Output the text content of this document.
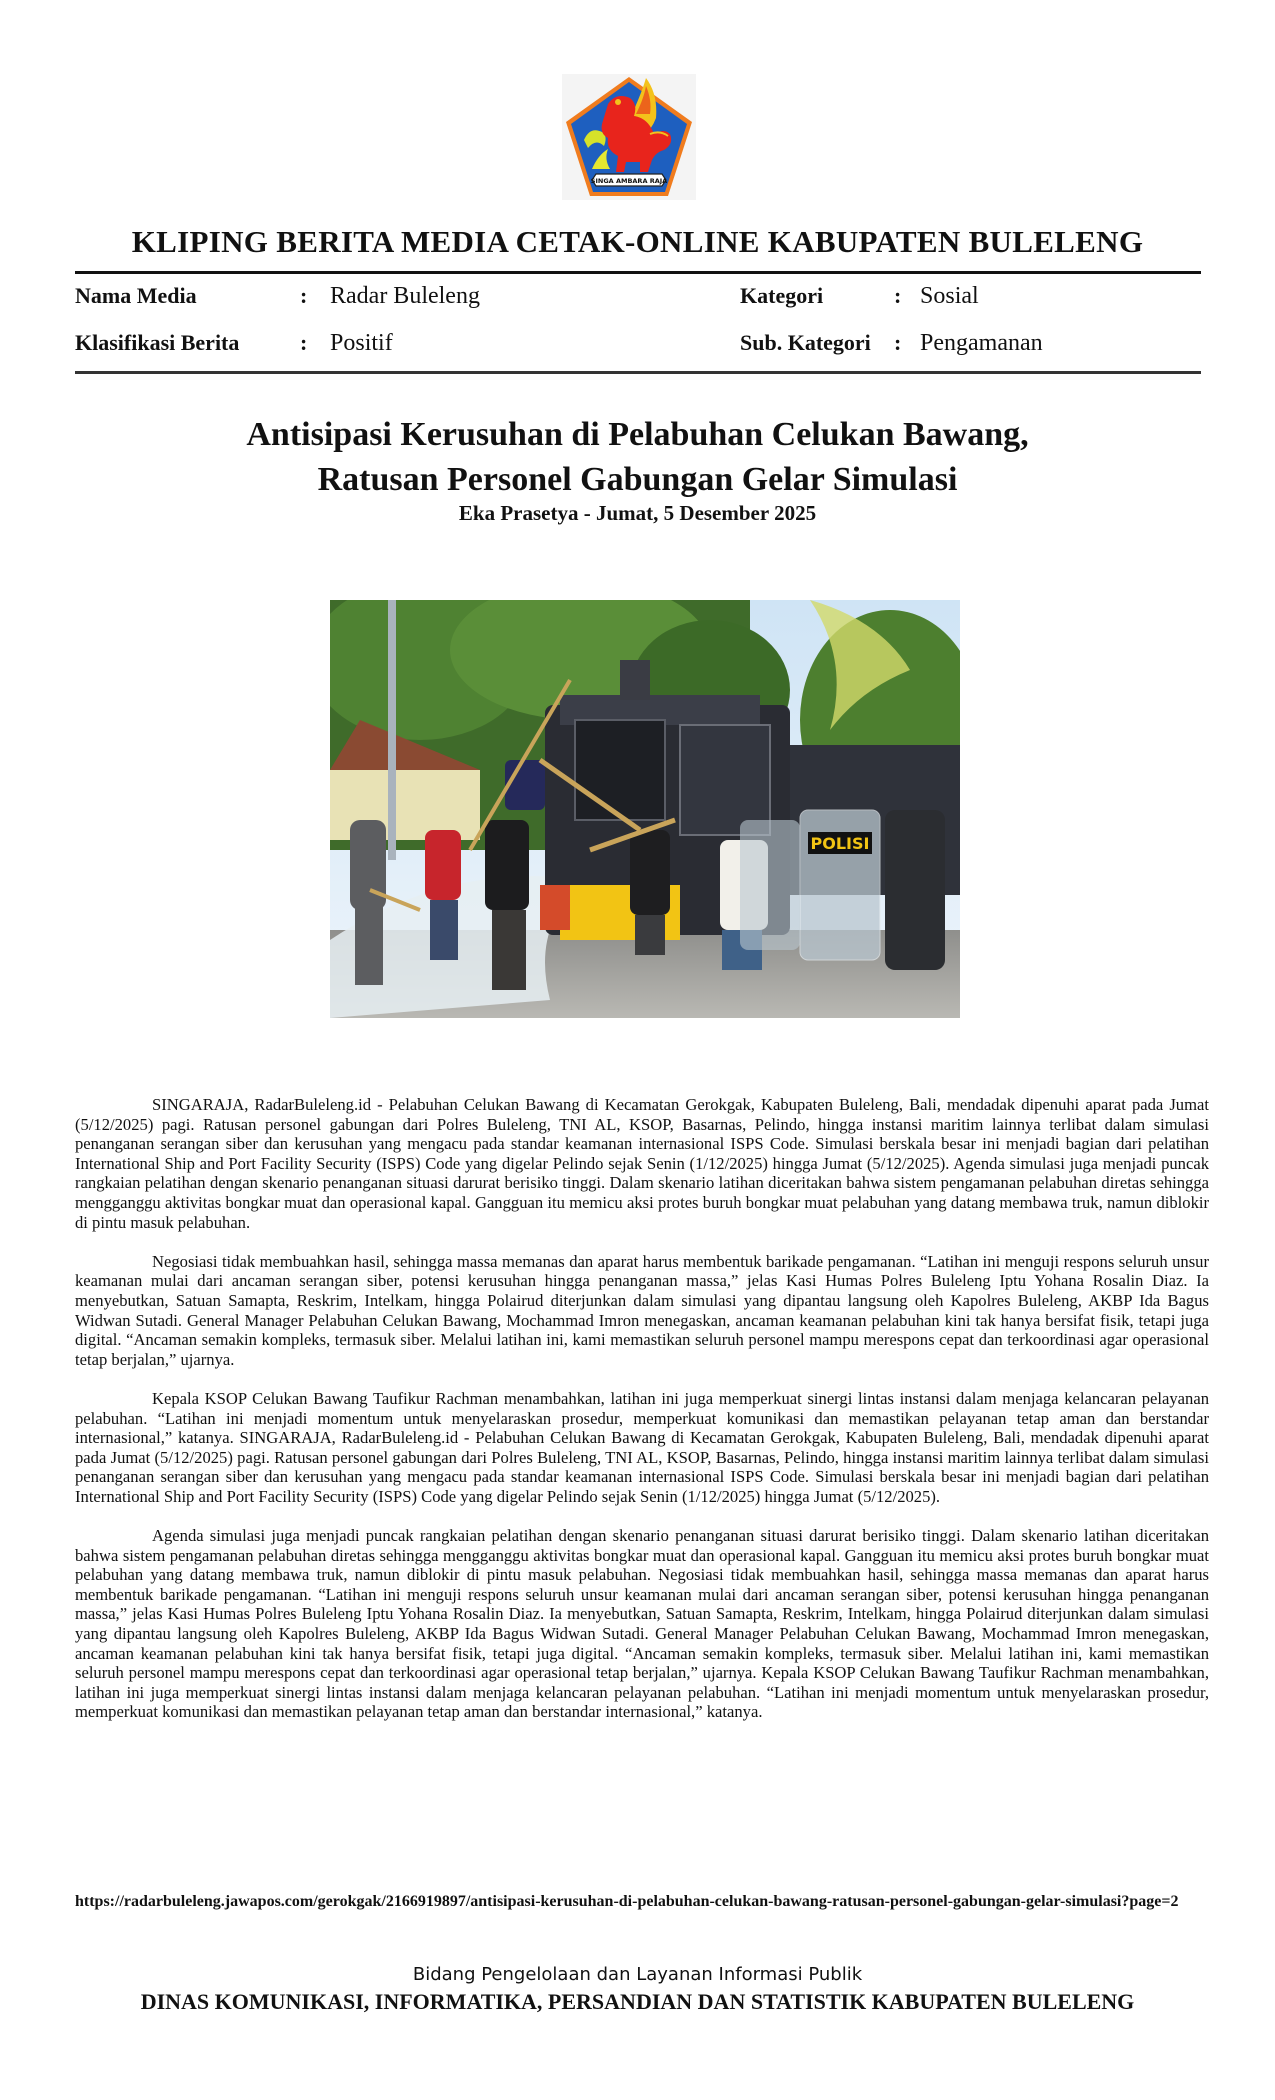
SINGA AMBARA RAJA
KLIPING BERITA MEDIA CETAK-ONLINE KABUPATEN BULELENG
Nama Media	: Radar Buleleng	Kategori	: Sosial
Klasifikasi Berita	: Positif	Sub. Kategori : Pengamanan
Antisipasi Kerusuhan di Pelabuhan Celukan Bawang,
Ratusan Personel Gabungan Gelar Simulasi
Eka Prasetya - Jumat, 5 Desember 2025
POLISI

SINGARAJA, RadarBuleleng.id - Pelabuhan Celukan Bawang di Kecamatan Gerokgak, Kabupaten Buleleng, Bali, mendadak dipenuhi aparat pada Jumat (5/12/2025) pagi. Ratusan personel gabungan dari Polres Buleleng, TNI AL, KSOP, Basarnas, Pelindo, hingga instansi maritim lainnya terlibat dalam simulasi penanganan serangan siber dan kerusuhan yang mengacu pada standar keamanan internasional ISPS Code. Simulasi berskala besar ini menjadi bagian dari pelatihan International Ship and Port Facility Security (ISPS) Code yang digelar Pelindo sejak Senin (1/12/2025) hingga Jumat (5/12/2025). Agenda simulasi juga menjadi puncak rangkaian pelatihan dengan skenario penanganan situasi darurat berisiko tinggi. Dalam skenario latihan diceritakan bahwa sistem pengamanan pelabuhan diretas sehingga mengganggu aktivitas bongkar muat dan operasional kapal. Gangguan itu memicu aksi protes buruh bongkar muat pelabuhan yang datang membawa truk, namun diblokir di pintu masuk pelabuhan.

Negosiasi tidak membuahkan hasil, sehingga massa memanas dan aparat harus membentuk barikade pengamanan. “Latihan ini menguji respons seluruh unsur keamanan mulai dari ancaman serangan siber, potensi kerusuhan hingga penanganan massa,” jelas Kasi Humas Polres Buleleng Iptu Yohana Rosalin Diaz. Ia menyebutkan, Satuan Samapta, Reskrim, Intelkam, hingga Polairud diterjunkan dalam simulasi yang dipantau langsung oleh Kapolres Buleleng, AKBP Ida Bagus Widwan Sutadi. General Manager Pelabuhan Celukan Bawang, Mochammad Imron menegaskan, ancaman keamanan pelabuhan kini tak hanya bersifat fisik, tetapi juga digital. “Ancaman semakin kompleks, termasuk siber. Melalui latihan ini, kami memastikan seluruh personel mampu merespons cepat dan terkoordinasi agar operasional tetap berjalan,” ujarnya.

Kepala KSOP Celukan Bawang Taufikur Rachman menambahkan, latihan ini juga memperkuat sinergi lintas instansi dalam menjaga kelancaran pelayanan pelabuhan. “Latihan ini menjadi momentum untuk menyelaraskan prosedur, memperkuat komunikasi dan memastikan pelayanan tetap aman dan berstandar internasional,” katanya. SINGARAJA, RadarBuleleng.id - Pelabuhan Celukan Bawang di Kecamatan Gerokgak, Kabupaten Buleleng, Bali, mendadak dipenuhi aparat pada Jumat (5/12/2025) pagi. Ratusan personel gabungan dari Polres Buleleng, TNI AL, KSOP, Basarnas, Pelindo, hingga instansi maritim lainnya terlibat dalam simulasi penanganan serangan siber dan kerusuhan yang mengacu pada standar keamanan internasional ISPS Code. Simulasi berskala besar ini menjadi bagian dari pelatihan International Ship and Port Facility Security (ISPS) Code yang digelar Pelindo sejak Senin (1/12/2025) hingga Jumat (5/12/2025).

Agenda simulasi juga menjadi puncak rangkaian pelatihan dengan skenario penanganan situasi darurat berisiko tinggi. Dalam skenario latihan diceritakan bahwa sistem pengamanan pelabuhan diretas sehingga mengganggu aktivitas bongkar muat dan operasional kapal. Gangguan itu memicu aksi protes buruh bongkar muat pelabuhan yang datang membawa truk, namun diblokir di pintu masuk pelabuhan. Negosiasi tidak membuahkan hasil, sehingga massa memanas dan aparat harus membentuk barikade pengamanan. “Latihan ini menguji respons seluruh unsur keamanan mulai dari ancaman serangan siber, potensi kerusuhan hingga penanganan massa,” jelas Kasi Humas Polres Buleleng Iptu Yohana Rosalin Diaz. Ia menyebutkan, Satuan Samapta, Reskrim, Intelkam, hingga Polairud diterjunkan dalam simulasi yang dipantau langsung oleh Kapolres Buleleng, AKBP Ida Bagus Widwan Sutadi. General Manager Pelabuhan Celukan Bawang, Mochammad Imron menegaskan, ancaman keamanan pelabuhan kini tak hanya bersifat fisik, tetapi juga digital. “Ancaman semakin kompleks, termasuk siber. Melalui latihan ini, kami memastikan seluruh personel mampu merespons cepat dan terkoordinasi agar operasional tetap berjalan,” ujarnya. Kepala KSOP Celukan Bawang Taufikur Rachman menambahkan, latihan ini juga memperkuat sinergi lintas instansi dalam menjaga kelancaran pelayanan pelabuhan. “Latihan ini menjadi momentum untuk menyelaraskan prosedur, memperkuat komunikasi dan memastikan pelayanan tetap aman dan berstandar internasional,” katanya.

https://radarbuleleng.jawapos.com/gerokgak/2166919897/antisipasi-kerusuhan-di-pelabuhan-celukan-bawang-ratusan-personel-gabungan-gelar-simulasi?page=2
Bidang Pengelolaan dan Layanan Informasi Publik
DINAS KOMUNIKASI, INFORMATIKA, PERSANDIAN DAN STATISTIK KABUPATEN BULELENG
